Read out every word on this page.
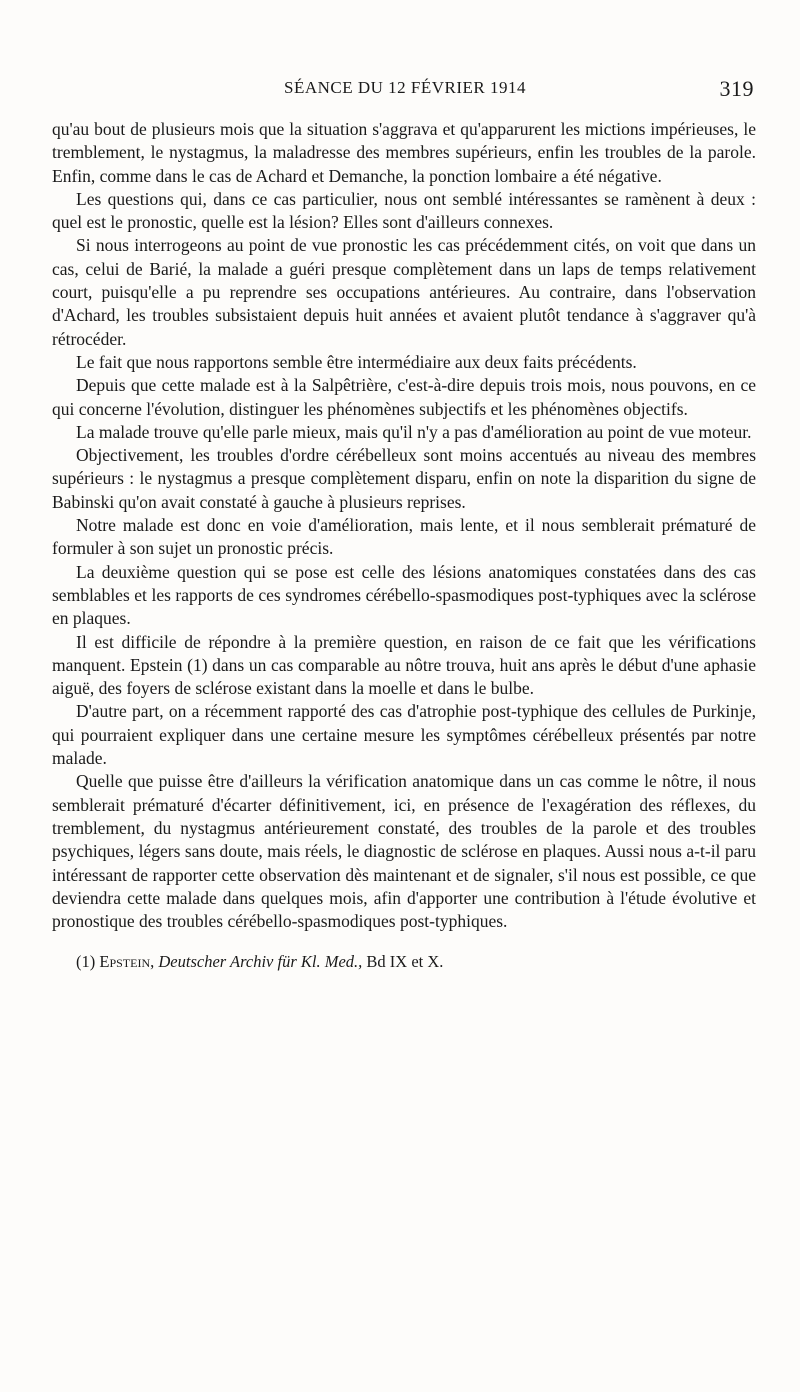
SÉANCE DU 12 FÉVRIER 1914	319

qu'au bout de plusieurs mois que la situation s'aggrava et qu'apparurent les mictions impérieuses, le tremblement, le nystagmus, la maladresse des membres supérieurs, enfin les troubles de la parole. Enfin, comme dans le cas de Achard et Demanche, la ponction lombaire a été négative.

Les questions qui, dans ce cas particulier, nous ont semblé intéressantes se ramènent à deux : quel est le pronostic, quelle est la lésion? Elles sont d'ailleurs connexes.

Si nous interrogeons au point de vue pronostic les cas précédemment cités, on voit que dans un cas, celui de Barié, la malade a guéri presque complètement dans un laps de temps relativement court, puisqu'elle a pu reprendre ses occupations antérieures. Au contraire, dans l'observation d'Achard, les troubles subsistaient depuis huit années et avaient plutôt tendance à s'aggraver qu'à rétrocéder.

Le fait que nous rapportons semble être intermédiaire aux deux faits précédents.

Depuis que cette malade est à la Salpêtrière, c'est-à-dire depuis trois mois, nous pouvons, en ce qui concerne l'évolution, distinguer les phénomènes subjectifs et les phénomènes objectifs.

La malade trouve qu'elle parle mieux, mais qu'il n'y a pas d'amélioration au point de vue moteur.

Objectivement, les troubles d'ordre cérébelleux sont moins accentués au niveau des membres supérieurs : le nystagmus a presque complètement disparu, enfin on note la disparition du signe de Babinski qu'on avait constaté à gauche à plusieurs reprises.

Notre malade est donc en voie d'amélioration, mais lente, et il nous semblerait prématuré de formuler à son sujet un pronostic précis.

La deuxième question qui se pose est celle des lésions anatomiques constatées dans des cas semblables et les rapports de ces syndromes cérébello-spasmodiques post-typhiques avec la sclérose en plaques.

Il est difficile de répondre à la première question, en raison de ce fait que les vérifications manquent. Epstein (1) dans un cas comparable au nôtre trouva, huit ans après le début d'une aphasie aiguë, des foyers de sclérose existant dans la moelle et dans le bulbe.

D'autre part, on a récemment rapporté des cas d'atrophie post-typhique des cellules de Purkinje, qui pourraient expliquer dans une certaine mesure les symptômes cérébelleux présentés par notre malade.

Quelle que puisse être d'ailleurs la vérification anatomique dans un cas comme le nôtre, il nous semblerait prématuré d'écarter définitivement, ici, en présence de l'exagération des réflexes, du tremblement, du nystagmus antérieurement constaté, des troubles de la parole et des troubles psychiques, légers sans doute, mais réels, le diagnostic de sclérose en plaques. Aussi nous a-t-il paru intéressant de rapporter cette observation dès maintenant et de signaler, s'il nous est possible, ce que deviendra cette malade dans quelques mois, afin d'apporter une contribution à l'étude évolutive et pronostique des troubles cérébello-spasmodiques post-typhiques.

(1) Epstein, Deutscher Archiv für Kl. Med., Bd IX et X.
